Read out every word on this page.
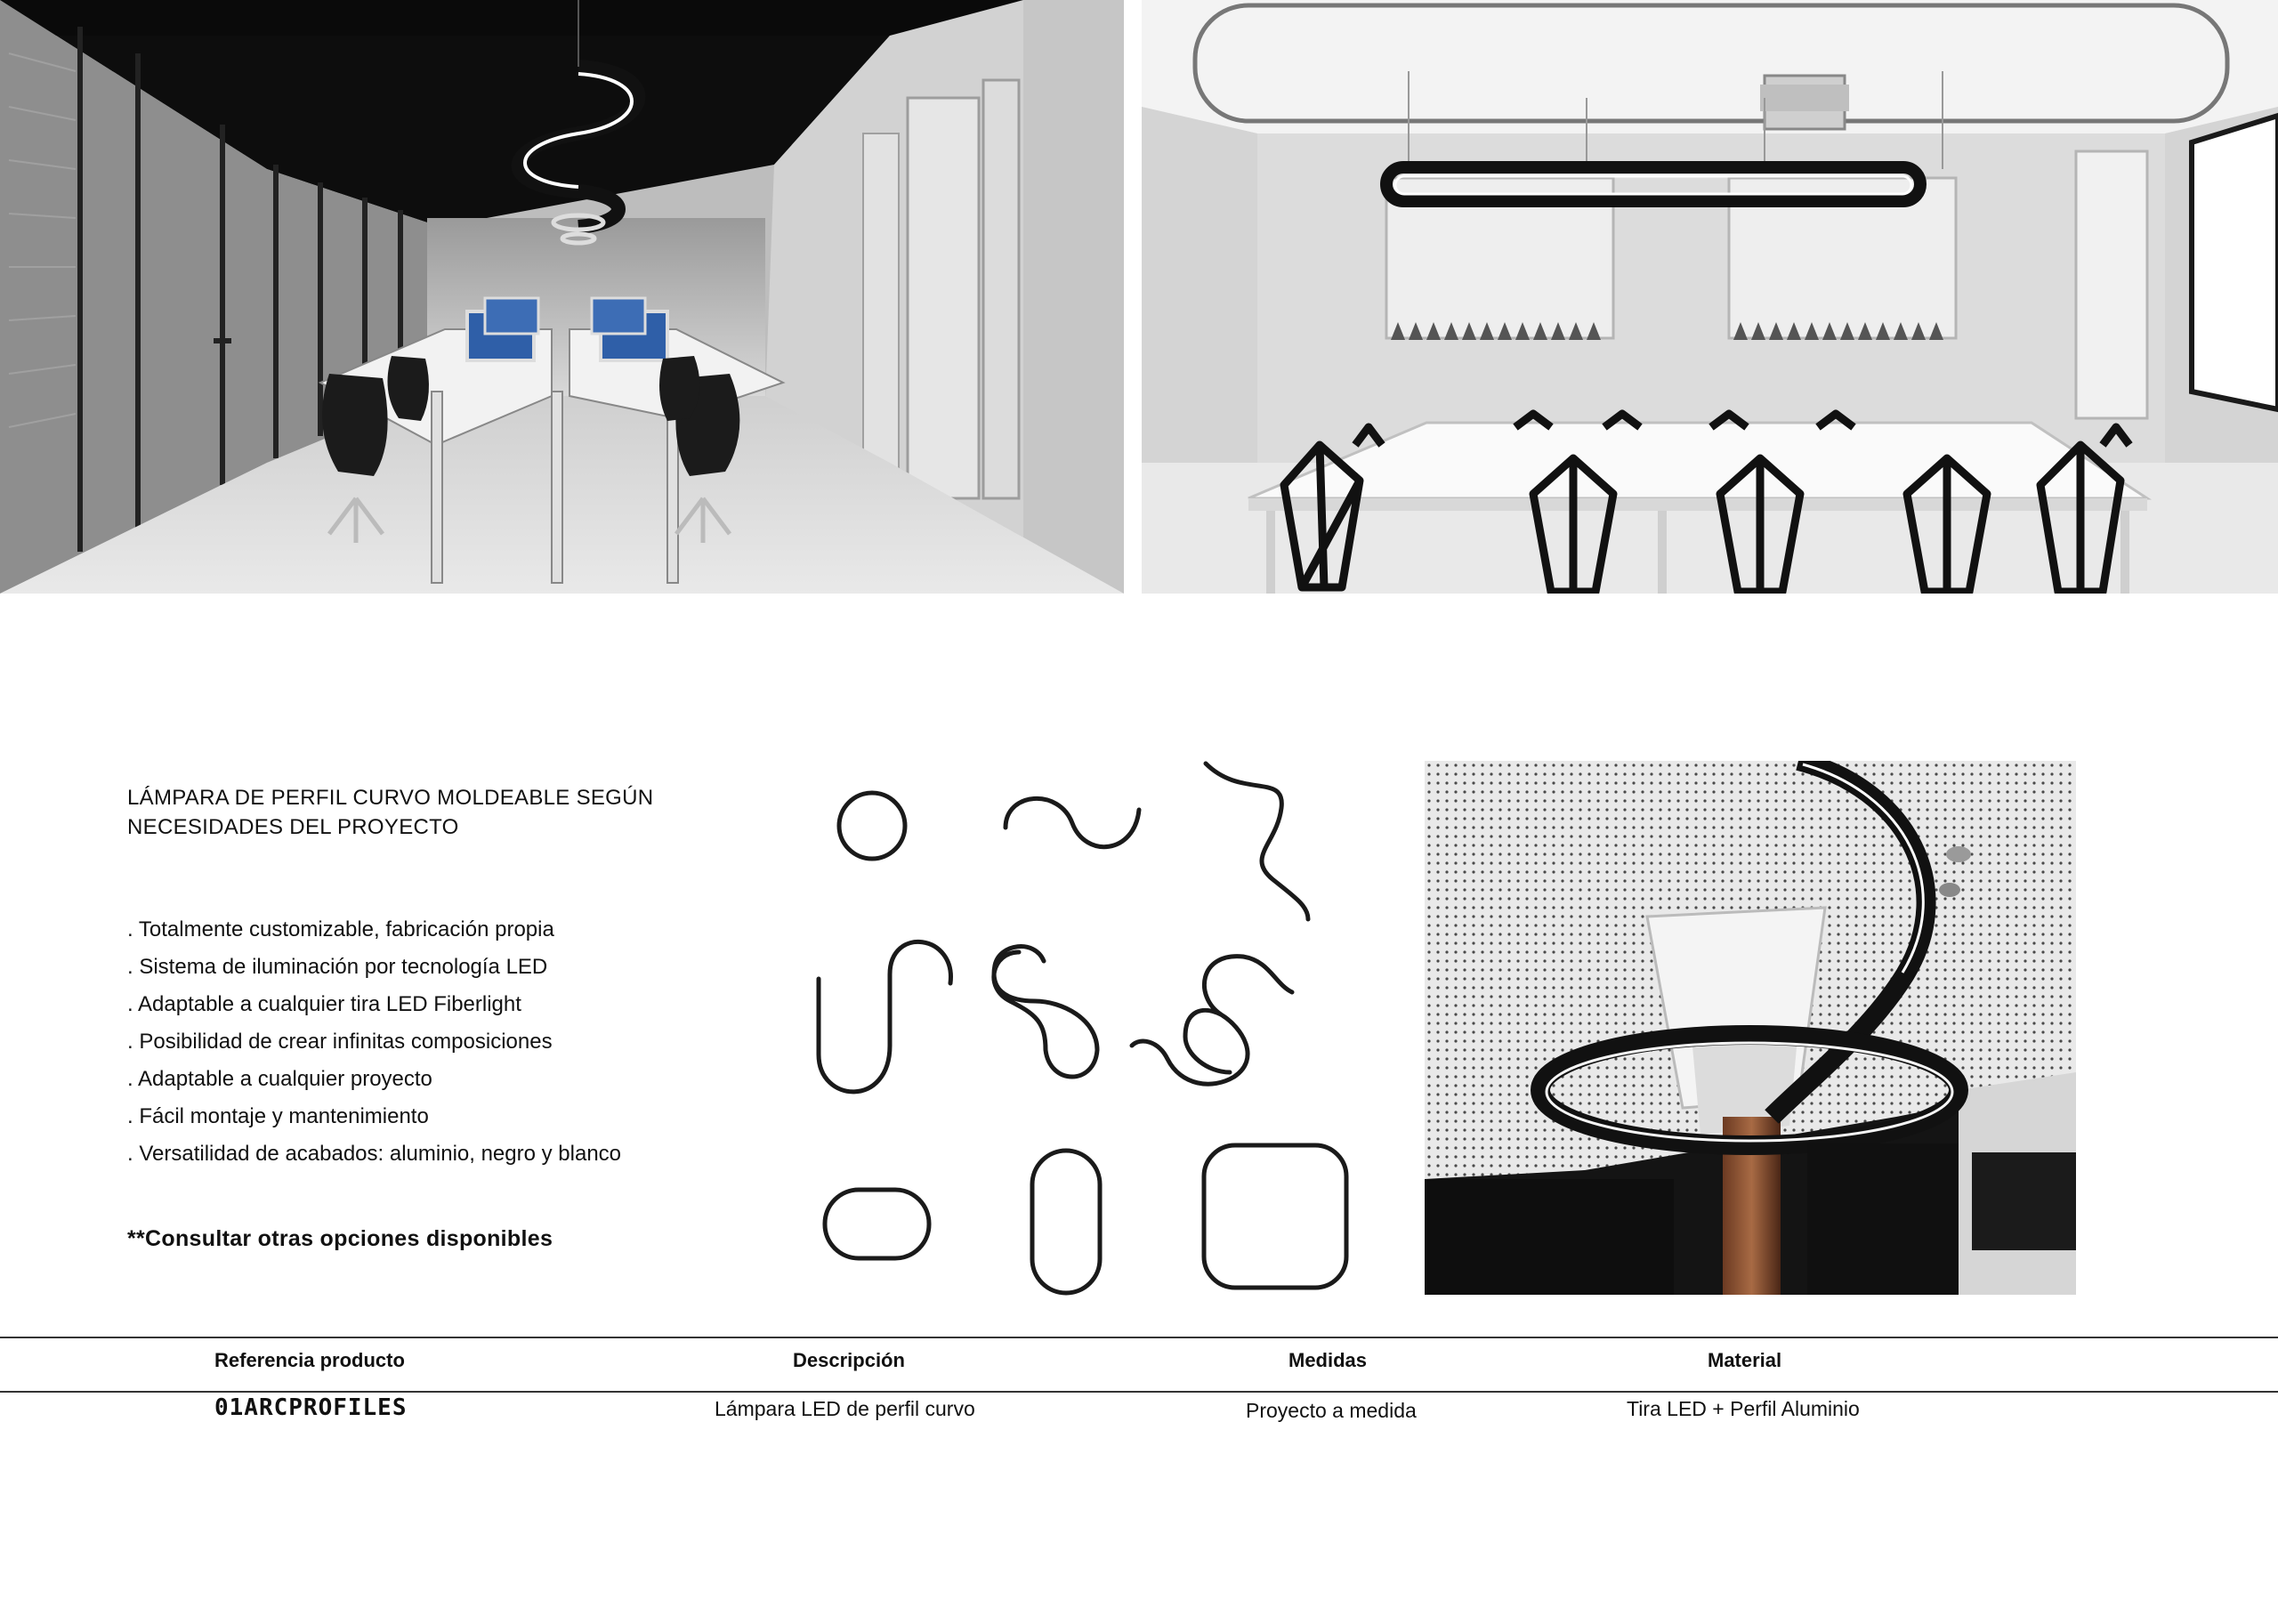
LÁMPARA DE PERFIL CURVO MOLDEABLE SEGÚN NECESIDADES DEL PROYECTO
. Totalmente customizable, fabricación propia
. Sistema de iluminación por tecnología LED
. Adaptable a cualquier tira LED Fiberlight
. Posibilidad de crear infinitas composiciones
. Adaptable a cualquier proyecto
. Fácil montaje y mantenimiento
. Versatilidad de acabados: aluminio, negro y blanco
**Consultar otras opciones disponibles
Referencia producto	Descripción	Medidas	Material
01ARCPROFILES	Lámpara LED de perfil curvo	Proyecto a medida	Tira LED + Perfil Aluminio
